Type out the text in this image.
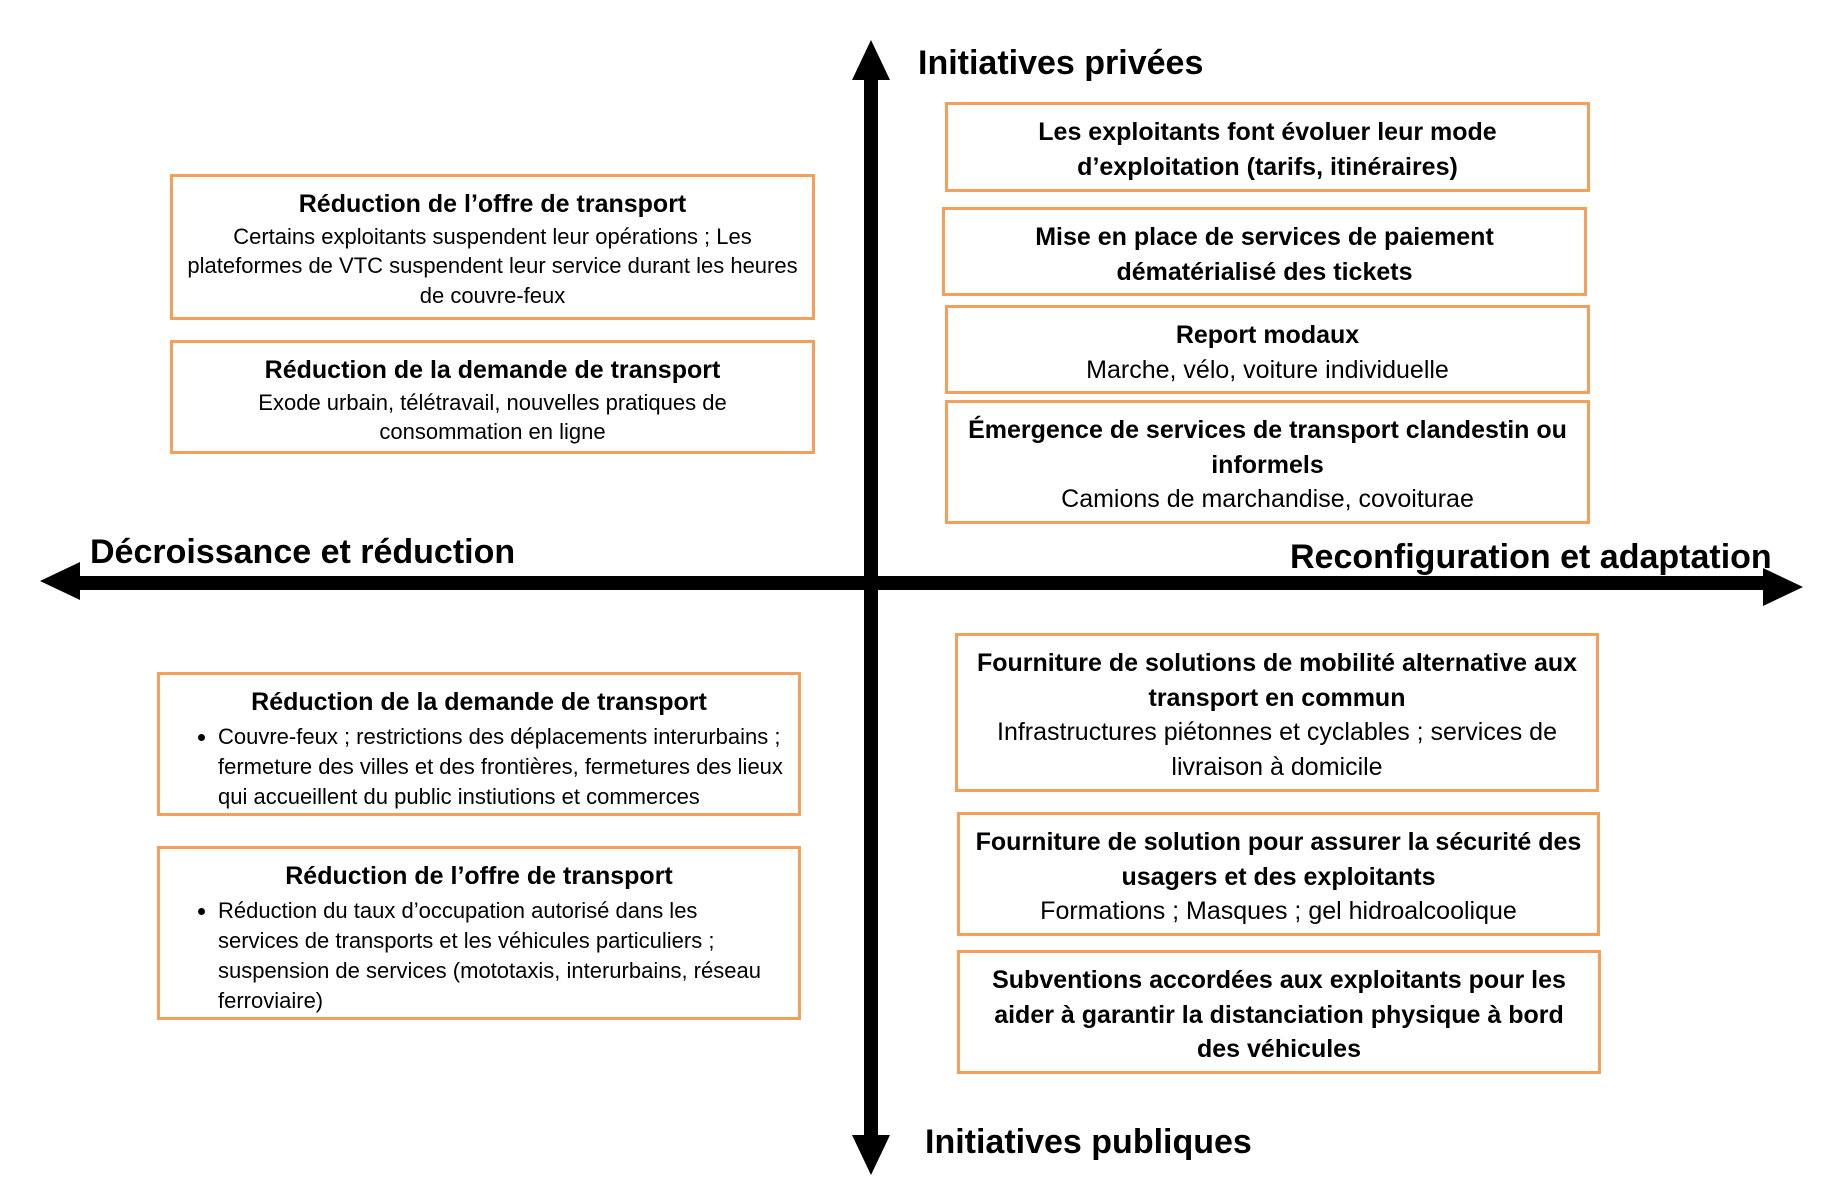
Initiatives privées
Initiatives publiques
Décroissance et réduction	Reconfiguration et adaptation
Réduction de l’offre de transport
Certains exploitants suspendent leur opérations ; Les plateformes de VTC suspendent leur service durant les heures de couvre-feux
Réduction de la demande de transport
Exode urbain, télétravail, nouvelles pratiques de consommation en ligne
Les exploitants font évoluer leur mode d’exploitation (tarifs, itinéraires)
Mise en place de services de paiement dématérialisé des tickets
Report modaux
Marche, vélo, voiture individuelle
Émergence de services de transport clandestin ou informels
Camions de marchandise, covoiturae
Réduction de la demande de transport
• Couvre-feux ; restrictions des déplacements interurbains ; fermeture des villes et des frontières, fermetures des lieux qui accueillent du public instiutions et commerces
Réduction de l’offre de transport
• Réduction du taux d’occupation autorisé dans les services de transports et les véhicules particuliers ; suspension de services (mototaxis, interurbains, réseau ferroviaire)
Fourniture de solutions de mobilité alternative aux transport en commun
Infrastructures piétonnes et cyclables ; services de livraison à domicile
Fourniture de solution pour assurer la sécurité des usagers et des exploitants
Formations ; Masques ; gel hidroalcoolique
Subventions accordées aux exploitants pour les aider à garantir la distanciation physique à bord des véhicules
